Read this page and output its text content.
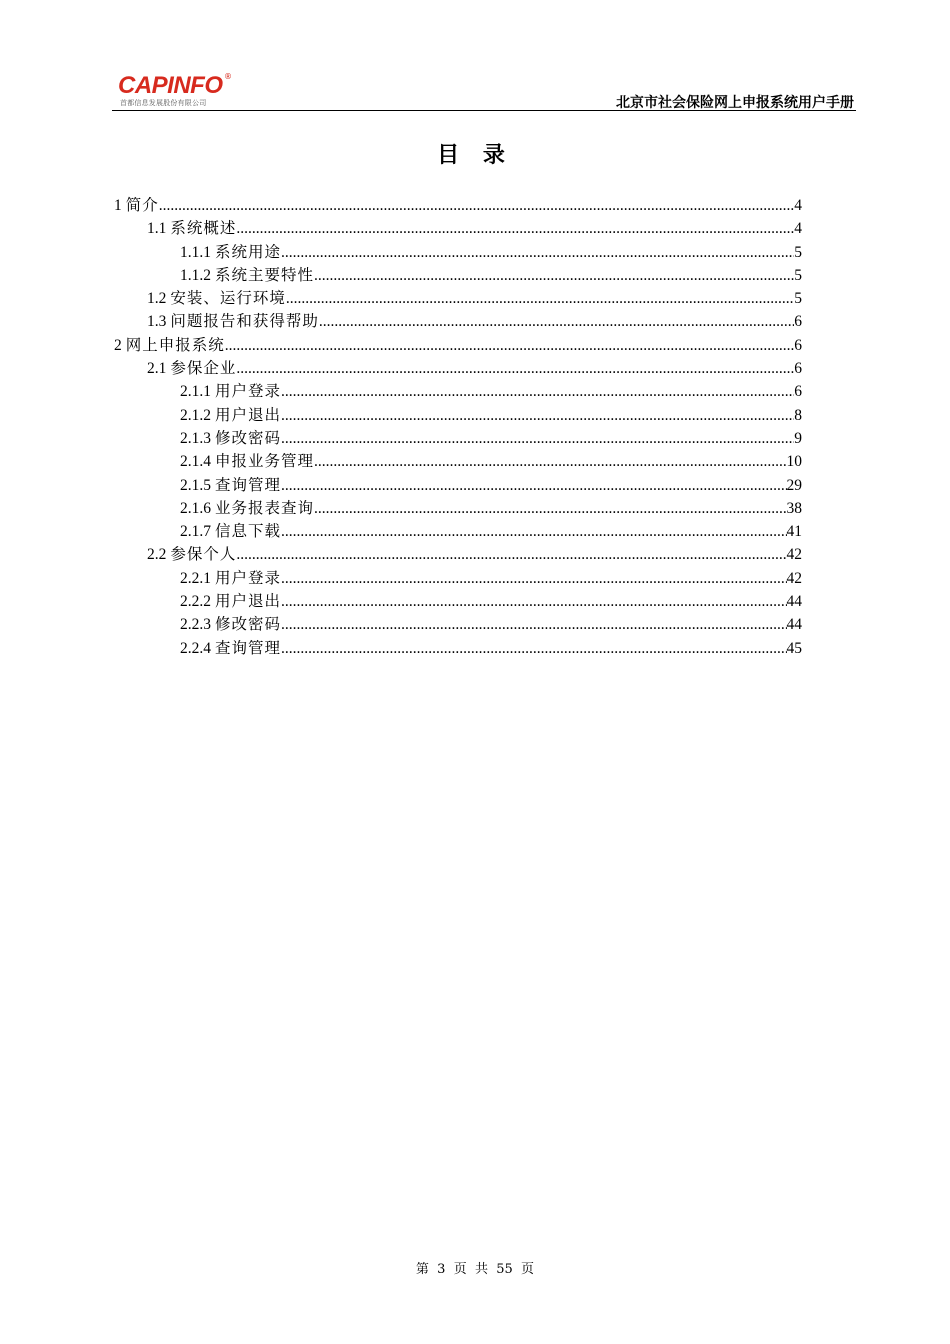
CAPINFO ®
首都信息发展股份有限公司	北京市社会保险网上申报系统用户手册
目 录
1 简介 .....	4
1.1 系统概述 .....	4
1.1.1 系统用途 .....	5
1.1.2 系统主要特性 .....	5
1.2 安装、运行环境 .....	5
1.3 问题报告和获得帮助 .....	6
2 网上申报系统 .....	6
2.1 参保企业 .....	6
2.1.1 用户登录 .....	6
2.1.2 用户退出 .....	8
2.1.3 修改密码 .....	9
2.1.4 申报业务管理 .....	10
2.1.5 查询管理 .....	29
2.1.6 业务报表查询 .....	38
2.1.7 信息下载 .....	41
2.2 参保个人 .....	42
2.2.1 用户登录 .....	42
2.2.2 用户退出 .....	44
2.2.3 修改密码 .....	44
2.2.4 查询管理 .....	45
第  3  页  共  55  页
